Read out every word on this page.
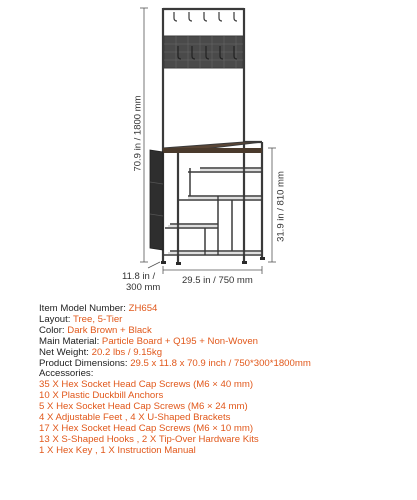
70.9 in / 1800 mm
31.9 in / 810 mm
11.8 in /
300 mm
29.5 in / 750 mm
Item Model Number: ZH654
Layout: Tree, 5-Tier
Color: Dark Brown + Black
Main Material: Particle Board + Q195 + Non-Woven
Net Weight: 20.2 lbs / 9.15kg
Product Dimensions: 29.5 x 11.8 x 70.9 inch / 750*300*1800mm
Accessories:
35 X Hex Socket Head Cap Screws (M6 × 40 mm)
10 X Plastic Duckbill Anchors
5 X Hex Socket Head Cap Screws (M6 × 24 mm)
4 X Adjustable Feet , 4 X U-Shaped Brackets
17 X Hex Socket Head Cap Screws (M6 × 10 mm)
13 X S-Shaped Hooks , 2 X Tip-Over Hardware Kits
1 X Hex Key , 1 X Instruction Manual
